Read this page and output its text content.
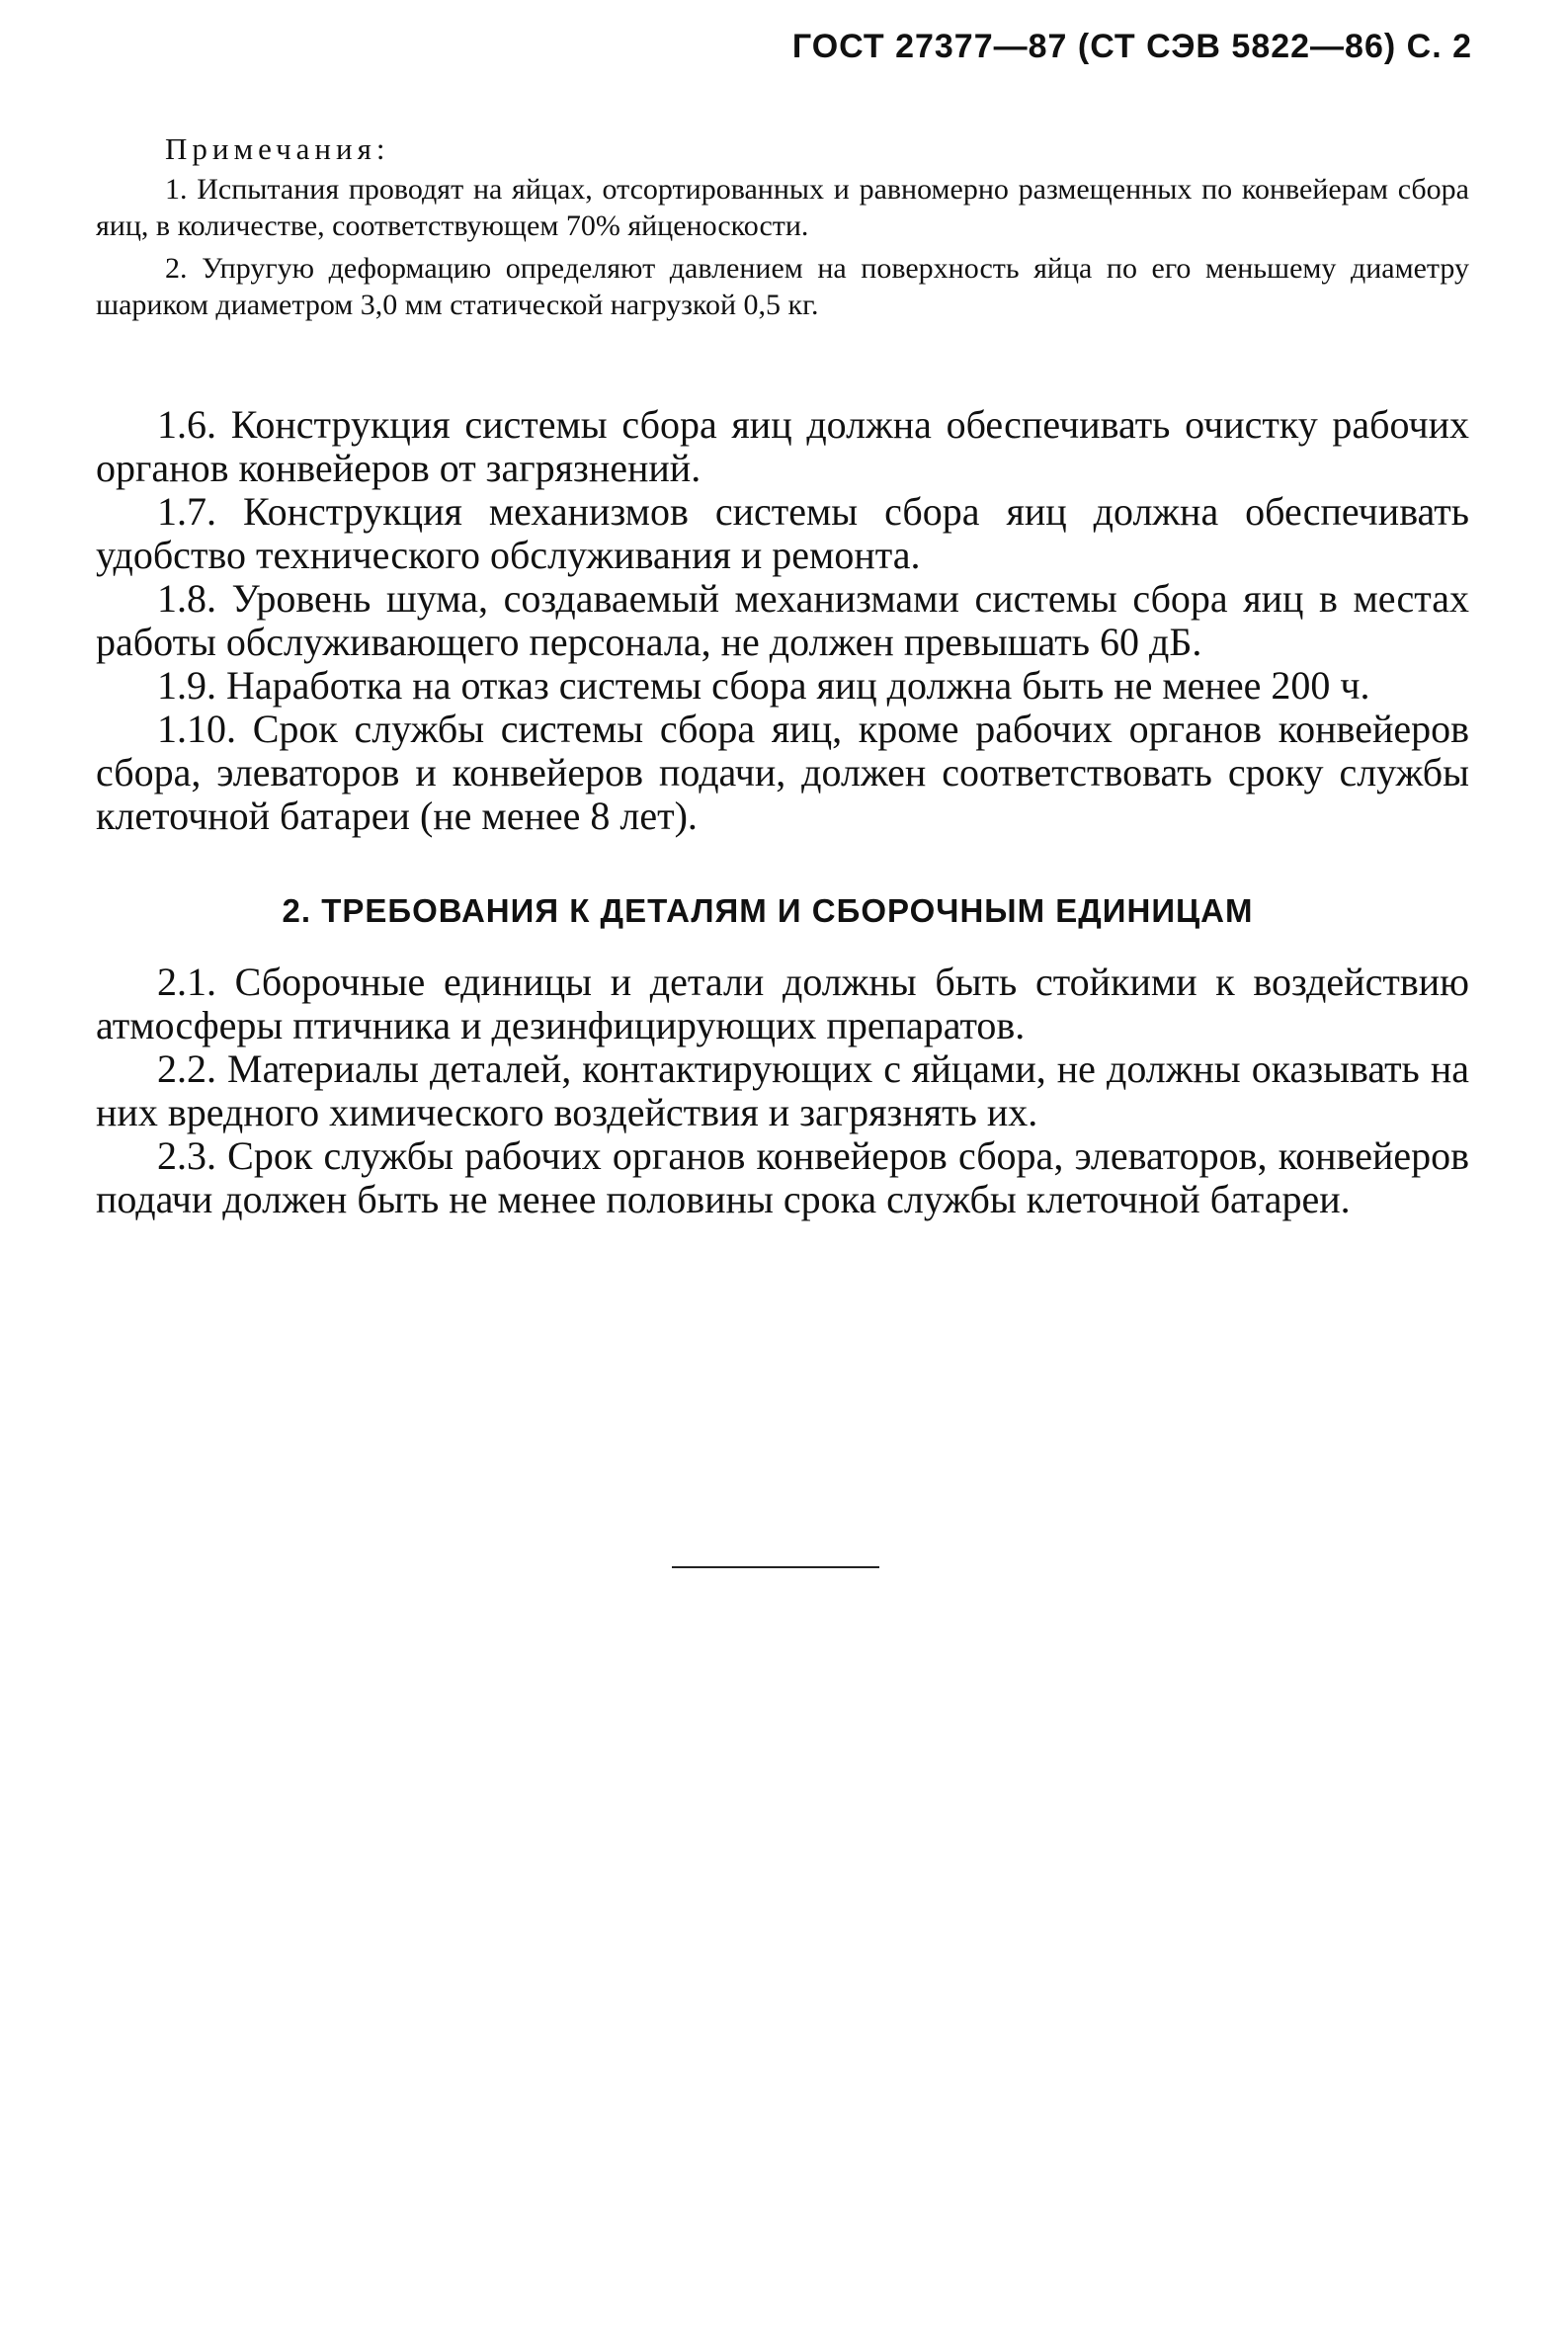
ГОСТ 27377—87 (СТ СЭВ 5822—86) С. 2
Примечания:

1. Испытания проводят на яйцах, отсортированных и равномерно размещенных по конвейерам сбора яиц, в количестве, соответствующем 70% яйценоскости.

2. Упругую деформацию определяют давлением на поверхность яйца по его меньшему диаметру шариком диаметром 3,0 мм статической нагрузкой 0,5 кг.

1.6. Конструкция системы сбора яиц должна обеспечивать очистку рабочих органов конвейеров от загрязнений.

1.7. Конструкция механизмов системы сбора яиц должна обеспечивать удобство технического обслуживания и ремонта.

1.8. Уровень шума, создаваемый механизмами системы сбора яиц в местах работы обслуживающего персонала, не должен превышать 60 дБ.

1.9. Наработка на отказ системы сбора яиц должна быть не менее 200 ч.

1.10. Срок службы системы сбора яиц, кроме рабочих органов конвейеров сбора, элеваторов и конвейеров подачи, должен соответствовать сроку службы клеточной батареи (не менее 8 лет).

2. ТРЕБОВАНИЯ К ДЕТАЛЯМ И СБОРОЧНЫМ ЕДИНИЦАМ

2.1. Сборочные единицы и детали должны быть стойкими к воздействию атмосферы птичника и дезинфицирующих препаратов.

2.2. Материалы деталей, контактирующих с яйцами, не должны оказывать на них вредного химического воздействия и загрязнять их.

2.3. Срок службы рабочих органов конвейеров сбора, элеваторов, конвейеров подачи должен быть не менее половины срока службы клеточной батареи.
